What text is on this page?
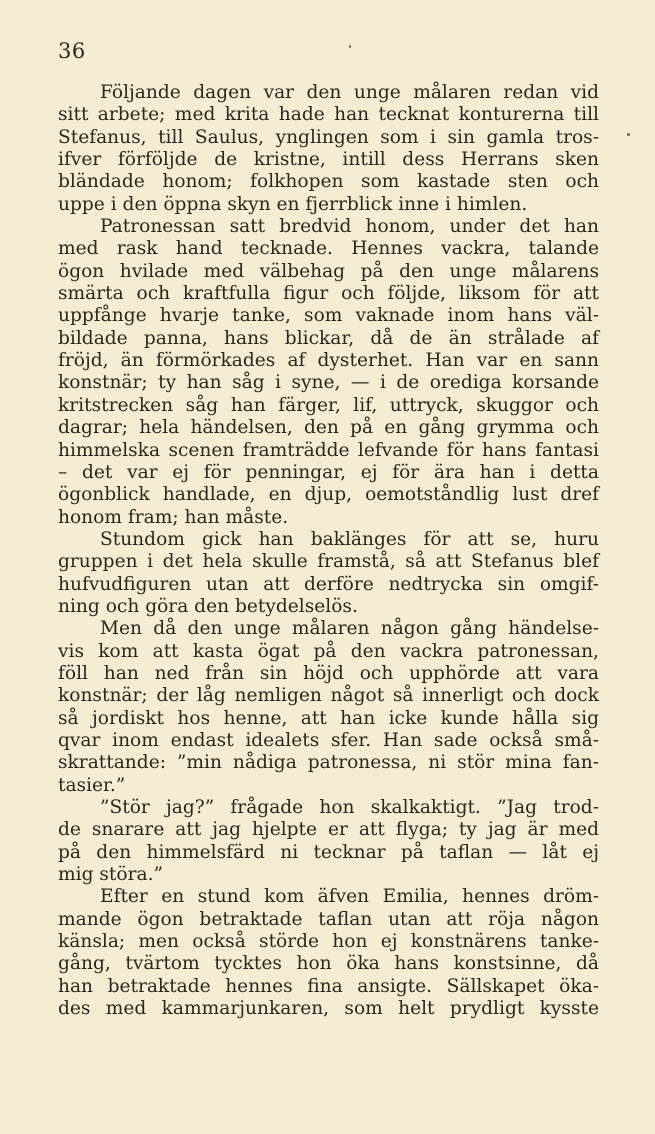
36
Följande dagen var den unge målaren redan vid
sitt arbete; med krita hade han tecknat konturerna till
Stefanus, till Saulus, ynglingen som i sin gamla tros-
ifver förföljde de kristne, intill dess Herrans sken
bländade honom; folkhopen som kastade sten och
uppe i den öppna skyn en fjerrblick inne i himlen.
Patronessan satt bredvid honom, under det han
med rask hand tecknade. Hennes vackra, talande
ögon hvilade med välbehag på den unge målarens
smärta och kraftfulla figur och följde, liksom för att
uppfånge hvarje tanke, som vaknade inom hans väl-
bildade panna, hans blickar, då de än strålade af
fröjd, än förmörkades af dysterhet. Han var en sann
konstnär; ty han såg i syne, — i de orediga korsande
kritstrecken såg han färger, lif, uttryck, skuggor och
dagrar; hela händelsen, den på en gång grymma och
himmelska scenen framträdde lefvande för hans fantasi
– det var ej för penningar, ej för ära han i detta
ögonblick handlade, en djup, oemotståndlig lust dref
honom fram; han måste.
Stundom gick han baklänges för att se, huru
gruppen i det hela skulle framstå, så att Stefanus blef
hufvudfiguren utan att derföre nedtrycka sin omgif-
ning och göra den betydelselös.
Men då den unge målaren någon gång händelse-
vis kom att kasta ögat på den vackra patronessan,
föll han ned från sin höjd och upphörde att vara
konstnär; der låg nemligen något så innerligt och dock
så jordiskt hos henne, att han icke kunde hålla sig
qvar inom endast idealets sfer. Han sade också små-
skrattande: ”min nådiga patronessa, ni stör mina fan-
tasier.”
”Stör jag?” frågade hon skalkaktigt. ”Jag trod-
de snarare att jag hjelpte er att flyga; ty jag är med
på den himmelsfärd ni tecknar på taflan — låt ej
mig störa.”
Efter en stund kom äfven Emilia, hennes dröm-
mande ögon betraktade taflan utan att röja någon
känsla; men också störde hon ej konstnärens tanke-
gång, tvärtom tycktes hon öka hans konstsinne, då
han betraktade hennes fina ansigte. Sällskapet öka-
des med kammarjunkaren, som helt prydligt kysste
